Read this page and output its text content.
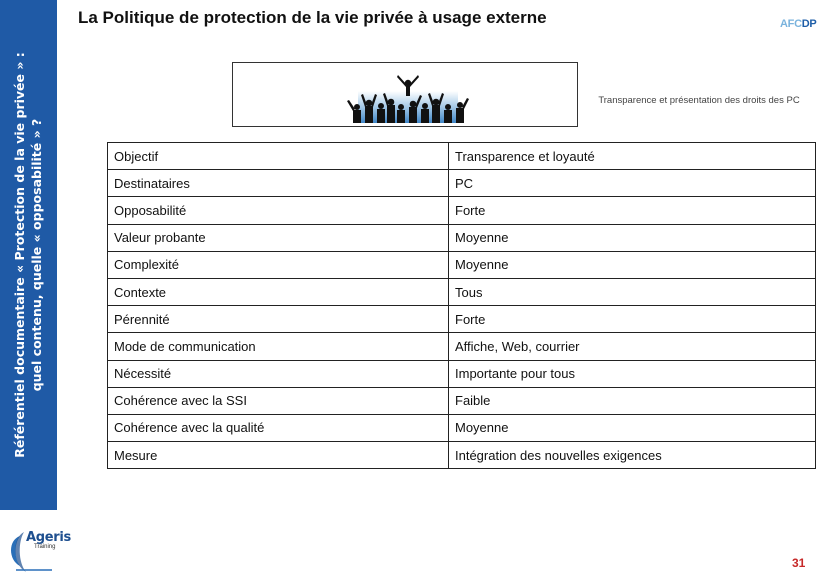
Référentiel documentaire « Protection de la vie privée » : quel contenu, quelle « opposabilité » ?
La Politique de protection de la vie privée à usage externe	AFCDP
Transparence et présentation des droits des PC
Objectif	Transparence et loyauté
Destinataires	PC
Opposabilité	Forte
Valeur probante	Moyenne
Complexité	Moyenne
Contexte	Tous
Pérennité	Forte
Mode de communication	Affiche, Web, courrier
Nécessité	Importante pour tous
Cohérence avec la SSI	Faible
Cohérence avec la qualité	Moyenne
Mesure	Intégration des nouvelles exigences
Ageris
Training
31
